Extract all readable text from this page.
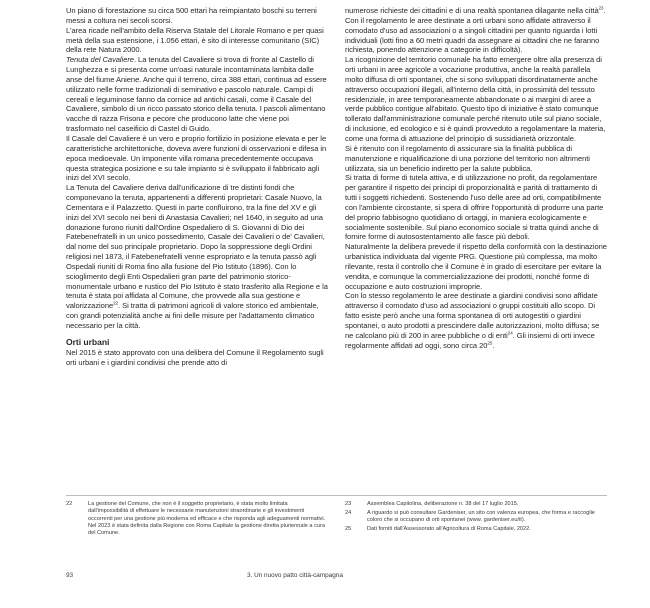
Un piano di forestazione su circa 500 ettari ha reimpiantato boschi su terreni messi a coltura nei secoli scorsi.

L'area ricade nell'ambito della Riserva Statale del Litorale Romano e per quasi metà della sua estensione, i 1.056 ettari, è sito di interesse comunitario (SIC) della rete Natura 2000.

Tenuta del Cavaliere. La tenuta del Cavaliere si trova di fronte al Castello di Lunghezza e si presenta come un'oasi naturale incontaminata lambita dalle anse del fiume Aniene. Anche qui il terreno, circa 388 ettari, continua ad essere utilizzato nelle forme tradizionali di seminativo e pascolo naturale. Campi di cereali e leguminose fanno da cornice ad antichi casali, come il Casale del Cavaliere, simbolo di un ricco passato storico della tenuta. I pascoli alimentano vacche di razza Frisona e pecore che producono latte che viene poi trasformato nel caseificio di Castel di Guido.

Il Casale del Cavaliere è un vero e proprio fortilizio in posizione elevata e per le caratteristiche architettoniche, doveva avere funzioni di osservazioni e difesa in epoca medioevale. Un imponente villa romana precedentemente occupava questa strategica posizione e su tale impianto si è sviluppato il fabbricato agli inizi del XVI secolo.

La Tenuta del Cavaliere deriva dall'unificazione di tre distinti fondi che componevano la tenuta, appartenenti a differenti proprietari: Casale Nuovo, la Cementara e il Palazzetto. Questi in parte confluirono, tra la fine del XV e gli inizi del XVI secolo nei beni di Anastasia Cavalieri; nel 1640, in seguito ad una donazione furono riuniti dall'Ordine Ospedaliero di S. Giovanni di Dio dei Fatebenefratelli in un unico possedimento, Casale dei Cavalieri o de' Cavalieri, dal nome del suo principale proprietario. Dopo la soppressione degli Ordini religiosi nel 1873, il Fatebenefratelli venne espropriato e la tenuta passò agli Ospedali riuniti di Roma fino alla fusione del Pio Istituto (1896). Con lo scioglimento degli Enti Ospedalieri gran parte del patrimonio storico-monumentale urbano e rustico del Pio Istituto è stato trasferito alla Regione e la tenuta è stata poi affidata al Comune, che provvede alla sua gestione e valorizzazione$^{22}$. Si tratta di patrimoni agricoli di valore storico ed ambientale, con grandi potenzialità anche ai fini delle misure per l'adattamento climatico necessario per la città.

Orti urbani

Nel 2015 è stato approvato con una delibera del Comune il Regolamento sugli orti urbani e i giardini condivisi che prende atto di

numerose richieste dei cittadini e di una realtà spontanea dilagante nella città$^{23}$. Con il regolamento le aree destinate a orti urbani sono affidate attraverso il comodato d'uso ad associazioni o a singoli cittadini per quanto riguarda i lotti individuali (lotti fino a 60 metri quadri da assegnare ai cittadini che ne faranno richiesta, ponendo attenzione a categorie in difficoltà).

La ricognizione del territorio comunale ha fatto emergere oltre alla presenza di orti urbani in aree agricole a vocazione produttiva, anche la realtà parallela molto diffusa di orti spontanei, che si sono sviluppati disordinatamente anche attraverso occupazioni illegali, all'interno della città, in prossimità del tessuto residenziale, in aree temporaneamente abbandonate o ai margini di aree a verde pubblico contigue all'abitato. Questo tipo di iniziative è stato comunque tollerato dall'amministrazione comunale perché ritenuto utile sul piano sociale, di inclusione, ed ecologico e si è quindi provveduto a regolamentare la materia, come una forma di attuazione del principio di sussidiarietà orizzontale.

Si è ritenuto con il regolamento di assicurare sia la finalità pubblica di manutenzione e riqualificazione di una porzione del territorio non altrimenti utilizzata, sia un beneficio indiretto per la salute pubblica.

Si tratta di forme di tutela attiva, e di utilizzazione no profit, da regolamentare per garantire il rispetto dei principi di proporzionalità e parità di trattamento di tutti i soggetti richiedenti. Sostenendo l'uso delle aree ad orti, compatibilmente con l'ambiente circostante, si spera di offrire l'opportunità di produrre una parte del proprio fabbisogno quotidiano di ortaggi, in maniera ecologicamente e socialmente sostenibile. Sul piano economico sociale si tratta quindi anche di fornire forme di autosostentamento alle fasce più deboli.

Naturalmente la delibera prevede il rispetto della conformità con la destinazione urbanistica individuata dal vigente PRG. Questione più complessa, ma molto rilevante, resta il controllo che il Comune è in grado di esercitare per evitare la vendita, e comunque la commercializzazione dei prodotti, nonché forme di occupazione e auto costruzioni improprie.

Con lo stesso regolamento le aree destinate a giardini condivisi sono affidate attraverso il comodato d'uso ad associazioni o gruppi costituiti allo scopo. Di fatto esiste però anche una forma spontanea di orti autogestiti o giardini spontanei, o auto prodotti a prescindere dalle autorizzazioni, molto diffusa; se ne calcolano più di 200 in aree pubbliche o di enti$^{24}$. Gli insiemi di orti invece regolarmente affidati ad oggi, sono circa $20^{25}$.

22	La gestione del Comune, che non è il soggetto proprietario, è stata molto limitata dall'impossibilità di effettuare le necessarie manutenzioni straordinarie e gli investimenti occorrenti per una gestione più moderna ed efficace e che risponda agli adeguamenti normativi. Nel 2023 è stata definita dalla Regione con Roma Capitale la gestione diretta pluriennale a cura del Comune.
23	Assemblea Capitolina, deliberazione n. 38 del 17 luglio 2015.
24	A riguardo si può consultare Gardeniser, un sito con valenza europea, che forma e raccoglie coloro che si occupano di orti spontanei (www. gardeniser.eu/it).
25	Dati forniti dall'Assessorato all'Agricoltura di Roma Capitale, 2022.
93	3. Un nuovo patto città-campagna
